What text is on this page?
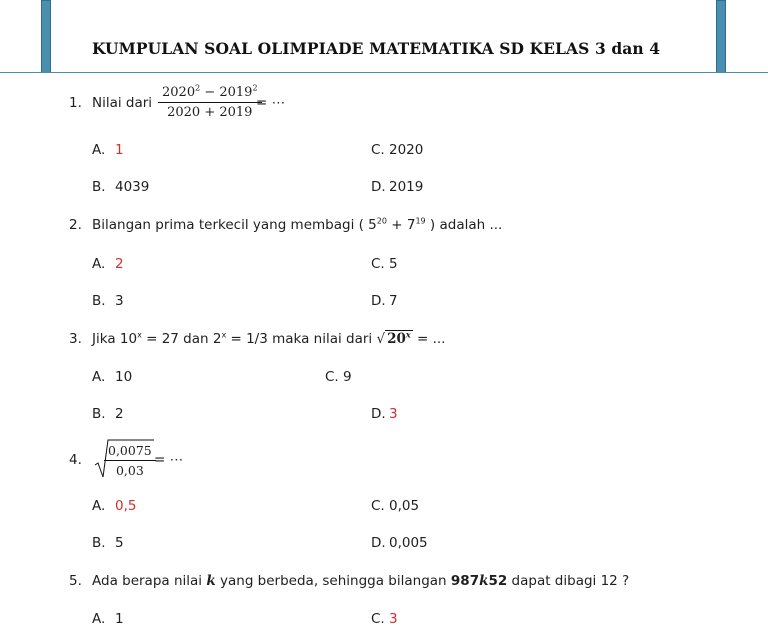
KUMPULAN SOAL OLIMPIADE MATEMATIKA SD KELAS 3 dan 4
1. Nilai dari $\frac{2020^2 - 2019^2}{2020 + 2019}$
= ⋯
A. 1	C. 2020
B. 4039	D. 2019
2. Bilangan prima terkecil yang membagi ( $5^{20} + 7^{19}$ ) adalah ...
A. 2	C. 5
B. 3	D. 7
3. Jika $10^x = 27$ dan $2^x = 1/3$ maka nilai dari √ $20^x$ = ...
A. 10	C. 9
B. 2	D. 3
4. $\frac{0,0075}{0,03}$
= ⋯
A. 0,5	C. 0,05
B. 5	D. 0,005
5. Ada berapa nilai k yang berbeda, sehingga bilangan 987k52 dapat dibagi 12 ?
A. 1	C. 3
